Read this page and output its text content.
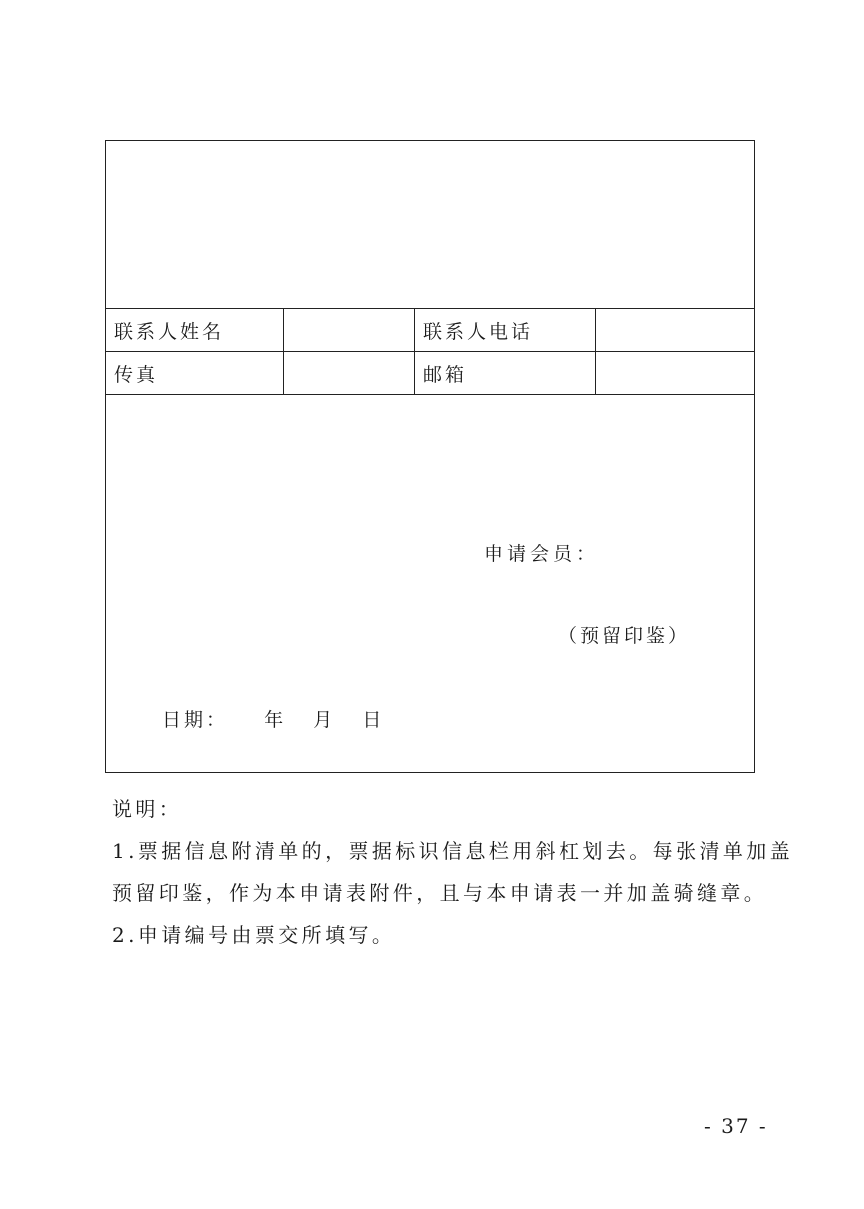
联系人姓名	联系人电话
传真	邮箱
申请会员：
（预留印鉴）
日期：    年   月   日

说明：

1.票据信息附清单的，票据标识信息栏用斜杠划去。每张清单加盖

预留印鉴，作为本申请表附件，且与本申请表一并加盖骑缝章。

2.申请编号由票交所填写。

- 37 -
